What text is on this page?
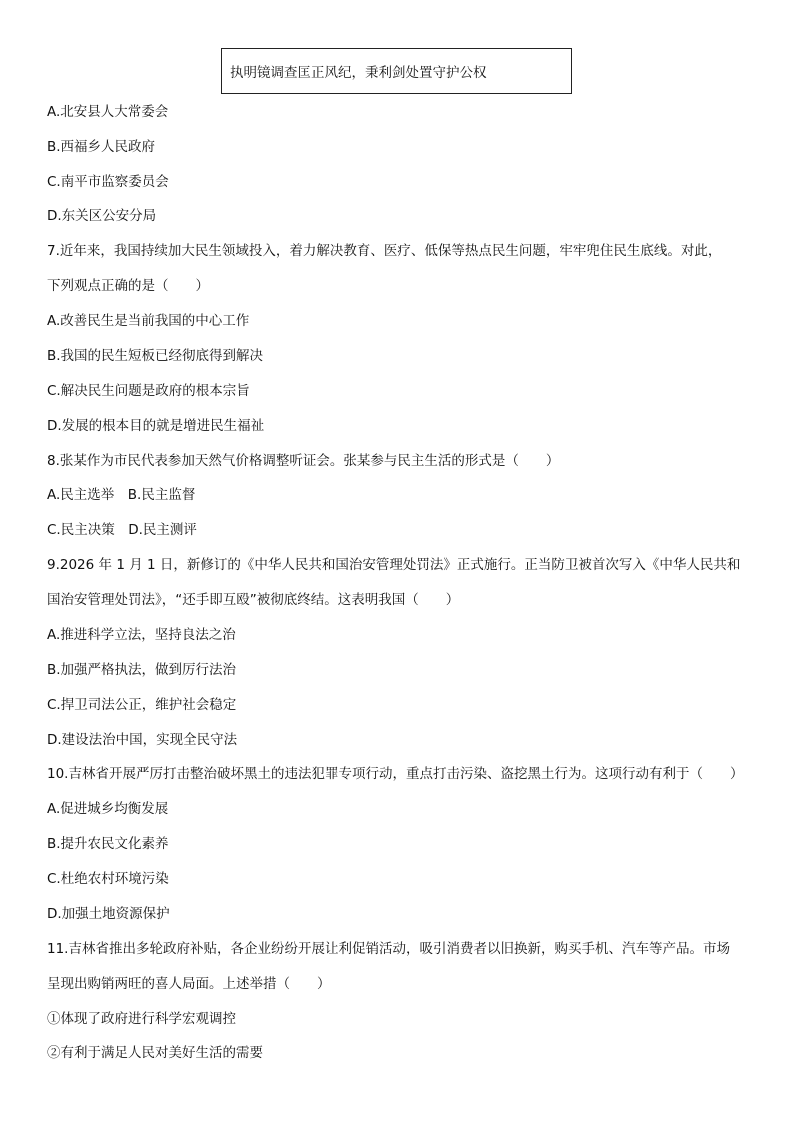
执明镜调查匡正风纪，秉利剑处置守护公权
A.北安县人大常委会
B.西福乡人民政府
C.南平市监察委员会
D.东关区公安分局
7.近年来，我国持续加大民生领域投入，着力解决教育、医疗、低保等热点民生问题，牢牢兜住民生底线。对此，
下列观点正确的是（　　）
A.改善民生是当前我国的中心工作
B.我国的民生短板已经彻底得到解决
C.解决民生问题是政府的根本宗旨
D.发展的根本目的就是增进民生福祉
8.张某作为市民代表参加天然气价格调整听证会。张某参与民主生活的形式是（　　）
A.民主选举　B.民主监督
C.民主决策　D.民主测评
9.2026 年 1 月 1 日，新修订的《中华人民共和国治安管理处罚法》正式施行。正当防卫被首次写入《中华人民共和
国治安管理处罚法》，“还手即互殴”被彻底终结。这表明我国（　　）
A.推进科学立法，坚持良法之治
B.加强严格执法，做到厉行法治
C.捍卫司法公正，维护社会稳定
D.建设法治中国，实现全民守法
10.吉林省开展严厉打击整治破坏黑土的违法犯罪专项行动，重点打击污染、盗挖黑土行为。这项行动有利于（　　）
A.促进城乡均衡发展
B.提升农民文化素养
C.杜绝农村环境污染
D.加强土地资源保护
11.吉林省推出多轮政府补贴，各企业纷纷开展让利促销活动，吸引消费者以旧换新，购买手机、汽车等产品。市场
呈现出购销两旺的喜人局面。上述举措（　　）
①体现了政府进行科学宏观调控
②有利于满足人民对美好生活的需要
